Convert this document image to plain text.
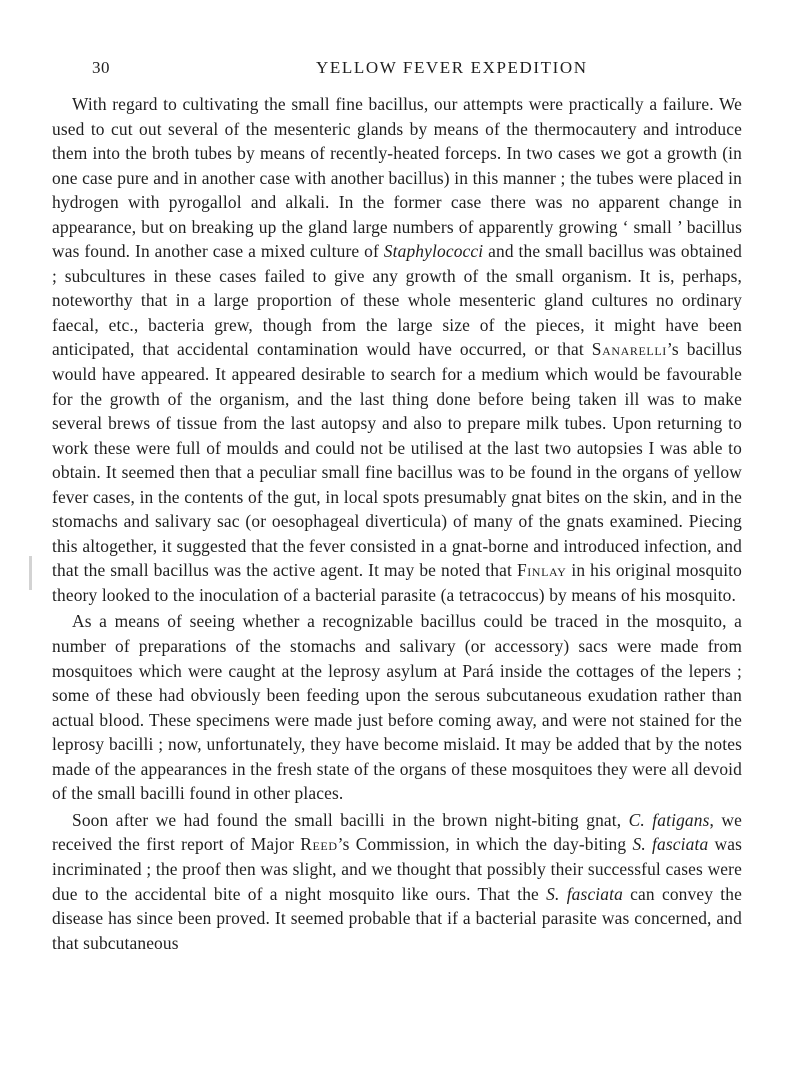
30	YELLOW FEVER EXPEDITION

With regard to cultivating the small fine bacillus, our attempts were practically a failure. We used to cut out several of the mesenteric glands by means of the thermocautery and introduce them into the broth tubes by means of recently-heated forceps. In two cases we got a growth (in one case pure and in another case with another bacillus) in this manner ; the tubes were placed in hydrogen with pyrogallol and alkali. In the former case there was no apparent change in appearance, but on breaking up the gland large numbers of apparently growing ‘ small ’ bacillus was found. In another case a mixed culture of Staphylococci and the small bacillus was obtained ; subcultures in these cases failed to give any growth of the small organism. It is, perhaps, noteworthy that in a large proportion of these whole mesenteric gland cultures no ordinary faecal, etc., bacteria grew, though from the large size of the pieces, it might have been anticipated, that accidental contamination would have occurred, or that Sanarelli’s bacillus would have appeared. It appeared desirable to search for a medium which would be favourable for the growth of the organism, and the last thing done before being taken ill was to make several brews of tissue from the last autopsy and also to prepare milk tubes. Upon returning to work these were full of moulds and could not be utilised at the last two autopsies I was able to obtain. It seemed then that a peculiar small fine bacillus was to be found in the organs of yellow fever cases, in the contents of the gut, in local spots presumably gnat bites on the skin, and in the stomachs and salivary sac (or oesophageal diverticula) of many of the gnats examined. Piecing this altogether, it suggested that the fever consisted in a gnat-borne and introduced infection, and that the small bacillus was the active agent. It may be noted that Finlay in his original mosquito theory looked to the inoculation of a bacterial parasite (a tetracoccus) by means of his mosquito.

As a means of seeing whether a recognizable bacillus could be traced in the mosquito, a number of preparations of the stomachs and salivary (or accessory) sacs were made from mosquitoes which were caught at the leprosy asylum at Pará inside the cottages of the lepers ; some of these had obviously been feeding upon the serous subcutaneous exudation rather than actual blood. These specimens were made just before coming away, and were not stained for the leprosy bacilli ; now, unfortunately, they have become mislaid. It may be added that by the notes made of the appearances in the fresh state of the organs of these mosquitoes they were all devoid of the small bacilli found in other places.

Soon after we had found the small bacilli in the brown night-biting gnat, C. fatigans, we received the first report of Major Reed’s Commission, in which the day-biting S. fasciata was incriminated ; the proof then was slight, and we thought that possibly their successful cases were due to the accidental bite of a night mosquito like ours. That the S. fasciata can convey the disease has since been proved. It seemed probable that if a bacterial parasite was concerned, and that subcutaneous
